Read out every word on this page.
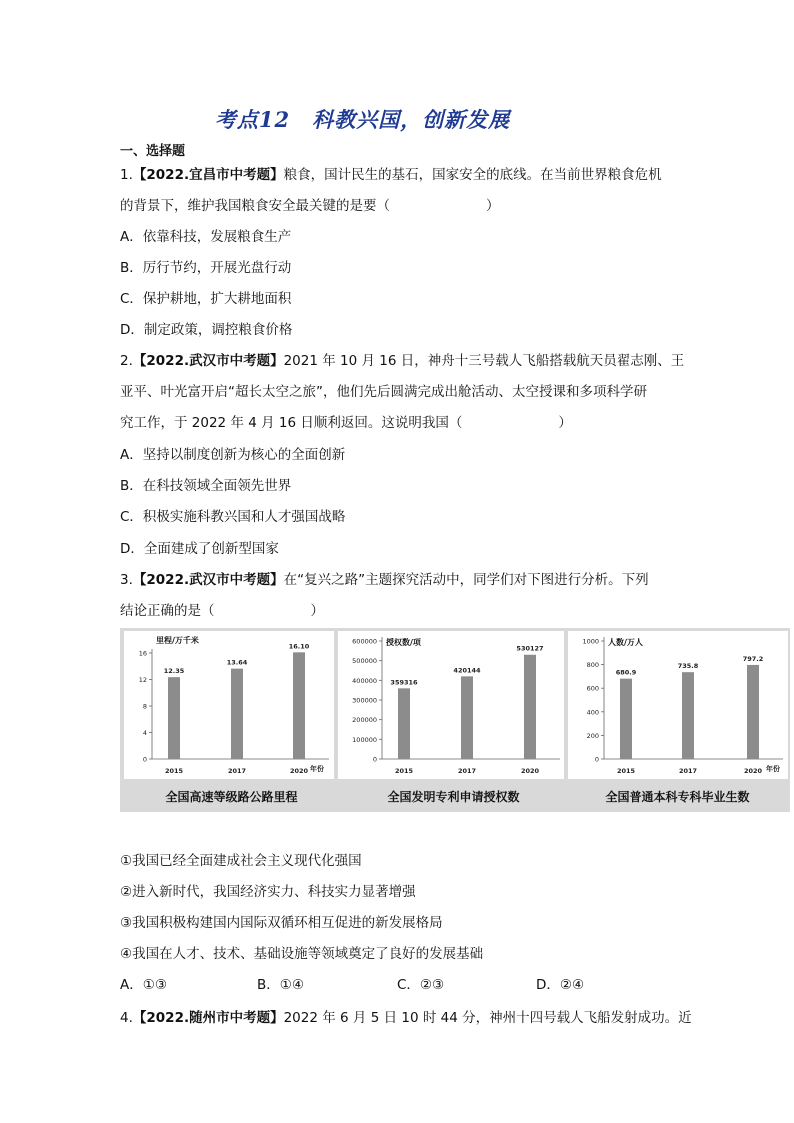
考点12　科教兴国，创新发展
一、选择题
1.【2022.宜昌市中考题】粮食，国计民生的基石，国家安全的底线。在当前世界粮食危机
的背景下，维护我国粮食安全最关键的是要（	）
A．依靠科技，发展粮食生产
B．厉行节约，开展光盘行动
C．保护耕地，扩大耕地面积
D．制定政策，调控粮食价格
2.【2022.武汉市中考题】2021 年 10 月 16 日，神舟十三号载人飞船搭载航天员翟志刚、王
亚平、叶光富开启“超长太空之旅”，他们先后圆满完成出舱活动、太空授课和多项科学研
究工作，于 2022 年 4 月 16 日顺利返回。这说明我国（	）
A．坚持以制度创新为核心的全面创新
B．在科技领域全面领先世界
C．积极实施科教兴国和人才强国战略
D．全面建成了创新型国家
3.【2022.武汉市中考题】在“复兴之路”主题探究活动中，同学们对下图进行分析。下列
结论正确的是（	）
0
4
8
12
16
里程/万千米
12.35
2015
13.64
2017
16.10
2020 年份
0
100000
200000
300000
400000
500000
600000 授权数/项
359316
2015
420144
2017
530127
2020
0
200
400
600
800
1000 人数/万人
680.9
2015
735.8
2017
797.2
2020 年份
全国高速等级路公路里程	全国发明专利申请授权数	全国普通本科专科毕业生数
①我国已经全面建成社会主义现代化强国
②进入新时代，我国经济实力、科技实力显著增强
③我国积极构建国内国际双循环相互促进的新发展格局
④我国在人才、技术、基础设施等领域奠定了良好的发展基础
A．①③	B．①④	C．②③	D．②④
4.【2022.随州市中考题】2022 年 6 月 5 日 10 时 44 分，神州十四号载人飞船发射成功。近
